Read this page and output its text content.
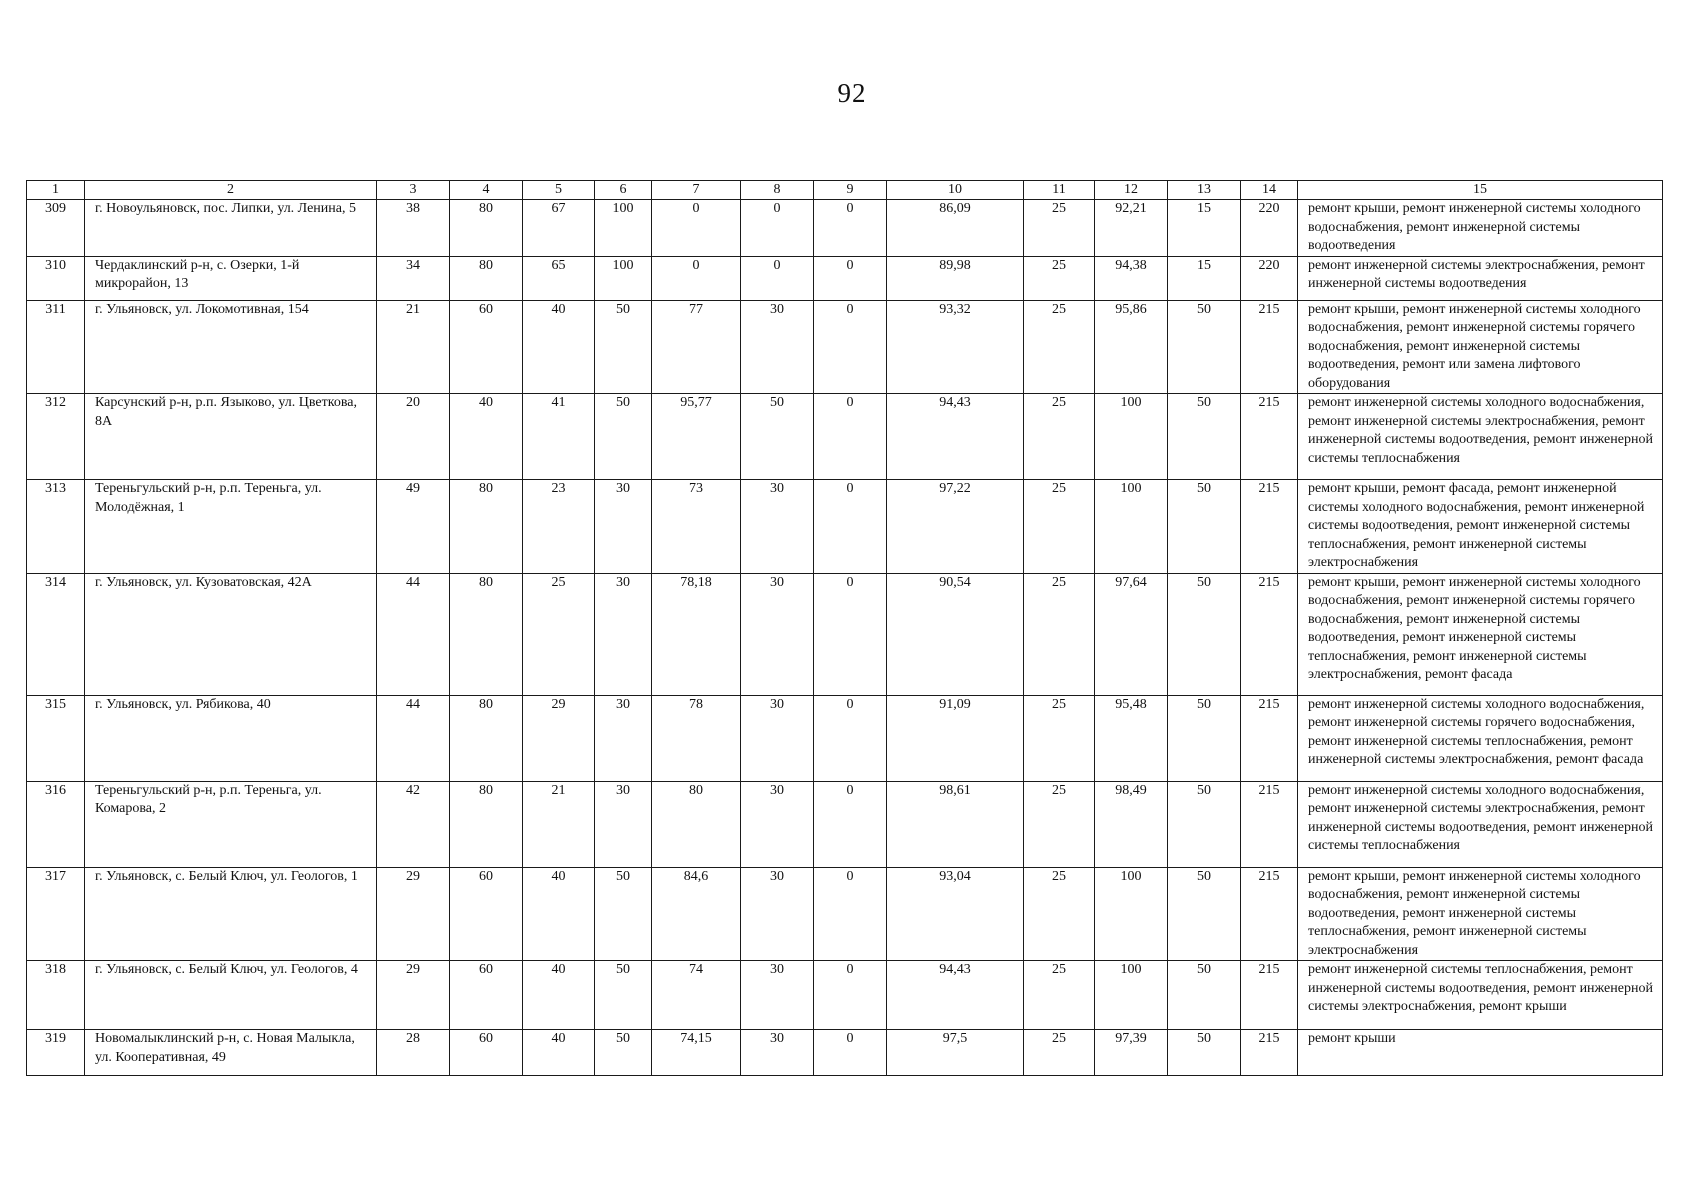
92
1	2	3	4	5	6	7	8	9	10	11	12	13	14	15
309	г. Новоульяновск, пос. Липки, ул. Ленина, 5	38	80	67	100	0	0	0	86,09	25	92,21	15	220	ремонт крыши, ремонт инженерной системы холодного водоснабжения, ремонт инженерной системы водоотведения
310	Чердаклинский р-н, с. Озерки, 1-й микрорайон, 13	34	80	65	100	0	0	0	89,98	25	94,38	15	220	ремонт инженерной системы электроснабжения, ремонт инженерной системы водоотведения
311	г. Ульяновск, ул. Локомотивная, 154	21	60	40	50	77	30	0	93,32	25	95,86	50	215	ремонт крыши, ремонт инженерной системы холодного водоснабжения, ремонт инженерной системы горячего водоснабжения, ремонт инженерной системы водоотведения, ремонт или замена лифтового оборудования
312	Карсунский р-н, р.п. Языково, ул. Цветкова, 8А	20	40	41	50	95,77	50	0	94,43	25	100	50	215	ремонт инженерной системы холодного водоснабжения, ремонт инженерной системы электроснабжения, ремонт инженерной системы водоотведения, ремонт инженерной системы теплоснабжения
313	Тереньгульский р-н, р.п. Тереньга, ул. Молодёжная, 1	49	80	23	30	73	30	0	97,22	25	100	50	215	ремонт крыши, ремонт фасада, ремонт инженерной системы холодного водоснабжения, ремонт инженерной системы водоотведения, ремонт инженерной системы теплоснабжения, ремонт инженерной системы электроснабжения
314	г. Ульяновск, ул. Кузоватовская, 42А	44	80	25	30	78,18	30	0	90,54	25	97,64	50	215	ремонт крыши, ремонт инженерной системы холодного водоснабжения, ремонт инженерной системы горячего водоснабжения, ремонт инженерной системы водоотведения, ремонт инженерной системы теплоснабжения, ремонт инженерной системы электроснабжения, ремонт фасада
315	г. Ульяновск, ул. Рябикова, 40	44	80	29	30	78	30	0	91,09	25	95,48	50	215	ремонт инженерной системы холодного водоснабжения, ремонт инженерной системы горячего водоснабжения, ремонт инженерной системы теплоснабжения, ремонт инженерной системы электроснабжения, ремонт фасада
316	Тереньгульский р-н, р.п. Тереньга, ул. Комарова, 2	42	80	21	30	80	30	0	98,61	25	98,49	50	215	ремонт инженерной системы холодного водоснабжения, ремонт инженерной системы электроснабжения, ремонт инженерной системы водоотведения, ремонт инженерной системы теплоснабжения
317	г. Ульяновск, с. Белый Ключ, ул. Геологов, 1	29	60	40	50	84,6	30	0	93,04	25	100	50	215	ремонт крыши, ремонт инженерной системы холодного водоснабжения, ремонт инженерной системы водоотведения, ремонт инженерной системы теплоснабжения, ремонт инженерной системы электроснабжения
318	г. Ульяновск, с. Белый Ключ, ул. Геологов, 4	29	60	40	50	74	30	0	94,43	25	100	50	215	ремонт инженерной системы теплоснабжения, ремонт инженерной системы водоотведения, ремонт инженерной системы электроснабжения, ремонт крыши
319	Новомалыклинский р-н, с. Новая Малыкла, ул. Кооперативная, 49	28	60	40	50	74,15	30	0	97,5	25	97,39	50	215	ремонт крыши
